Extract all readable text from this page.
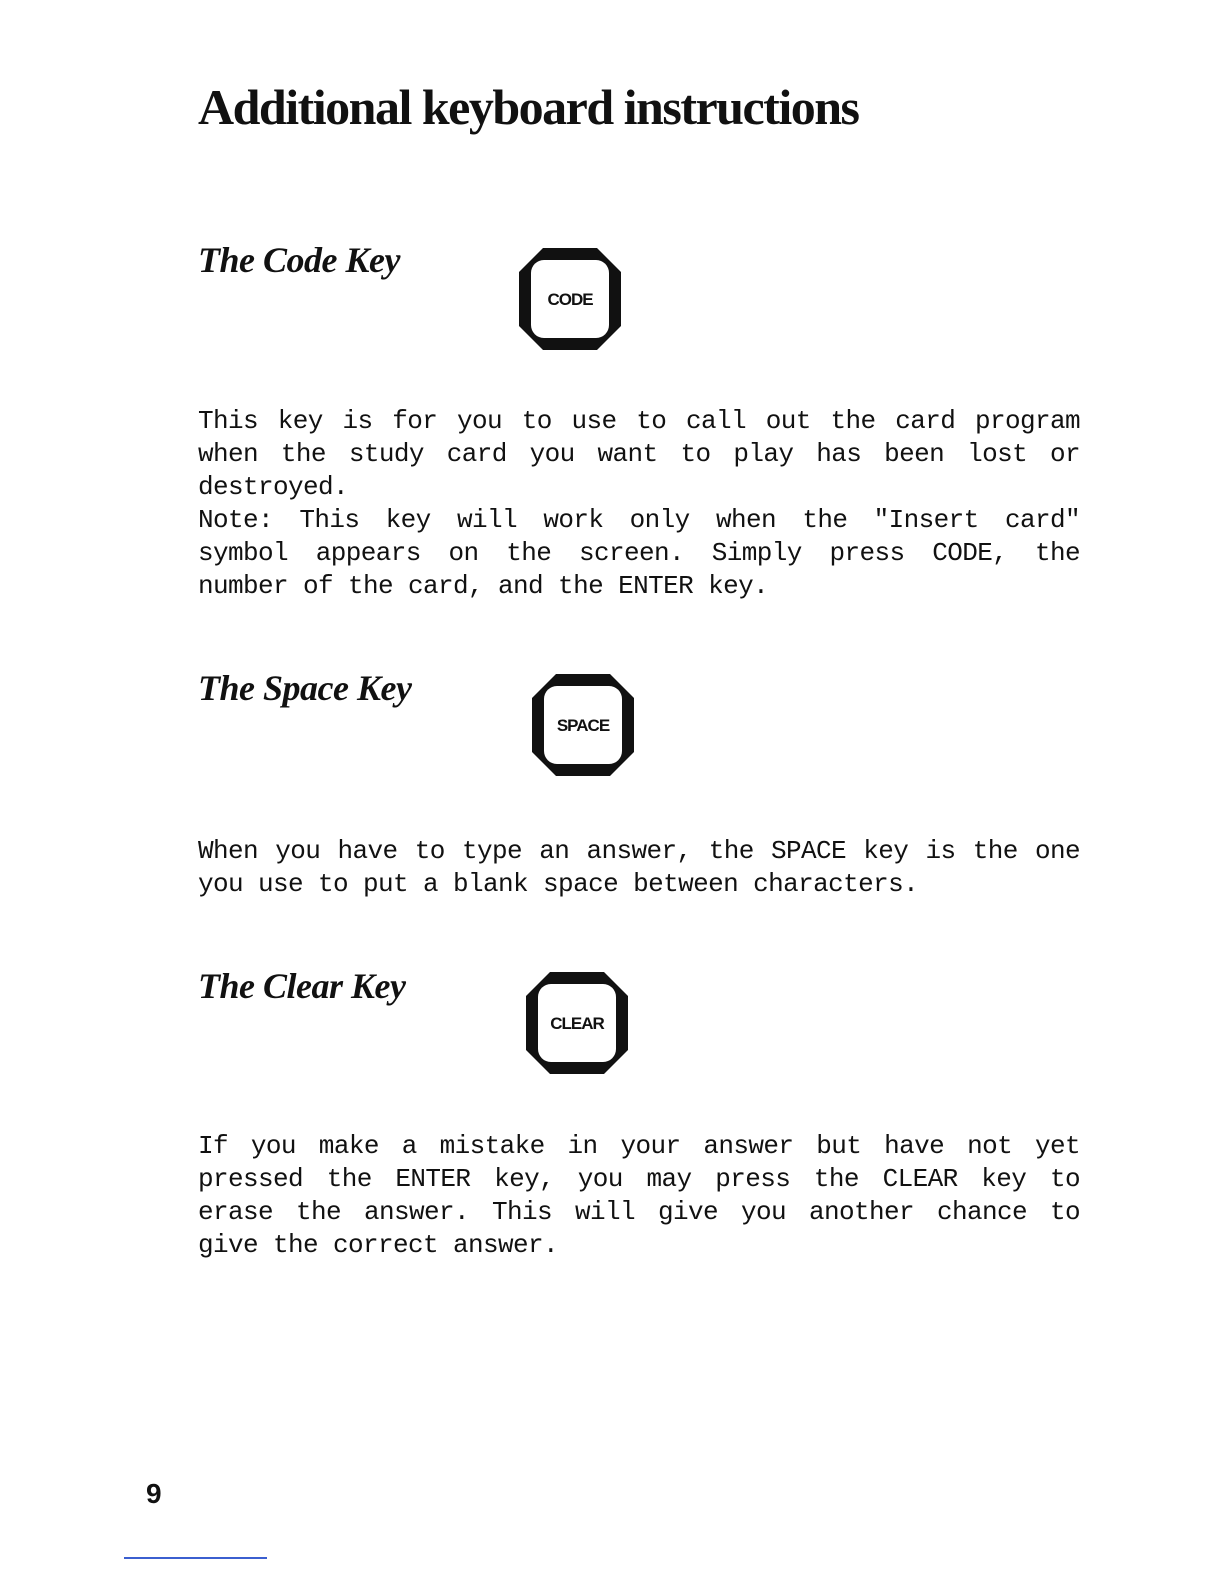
Additional keyboard instructions
The Code Key
CODE

This key is for you to use to call out the card program when the study card you want to play has been lost or destroyed.

Note: This key will work only when the "Insert card" symbol appears on the screen. Simply press CODE, the number of the card, and the ENTER key.

The Space Key
SPACE

When you have to type an answer, the SPACE key is the one you use to put a blank space between characters.

The Clear Key
CLEAR

If you make a mistake in your answer but have not yet pressed the ENTER key, you may press the CLEAR key to erase the answer. This will give you another chance to give the correct answer.

9
